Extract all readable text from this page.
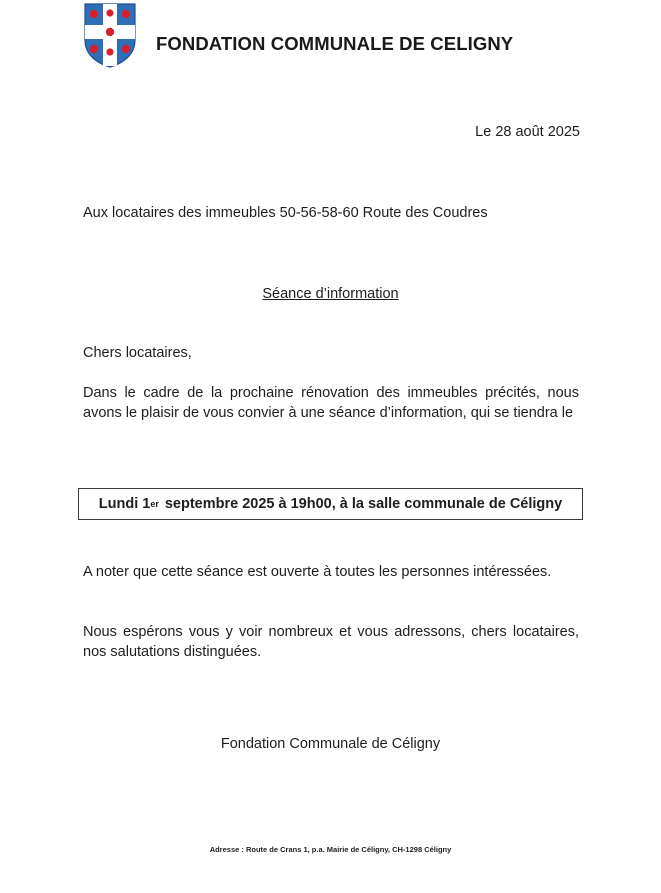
FONDATION COMMUNALE DE CELIGNY
Le 28 août 2025
Aux locataires des immeubles 50-56-58-60 Route des Coudres
Séance d’information
Chers locataires,
Dans le cadre de la prochaine rénovation des immeubles précités, nous avons le plaisir de vous convier à une séance d’information, qui se tiendra le
Lundi 1 er septembre 2025 à 19h00, à la salle communale de Céligny
A noter que cette séance est ouverte à toutes les personnes intéressées.
Nous espérons vous y voir nombreux et vous adressons, chers locataires, nos salutations distinguées.
Fondation Communale de Céligny
Adresse : Route de Crans 1, p.a. Mairie de Céligny, CH-1298 Céligny
